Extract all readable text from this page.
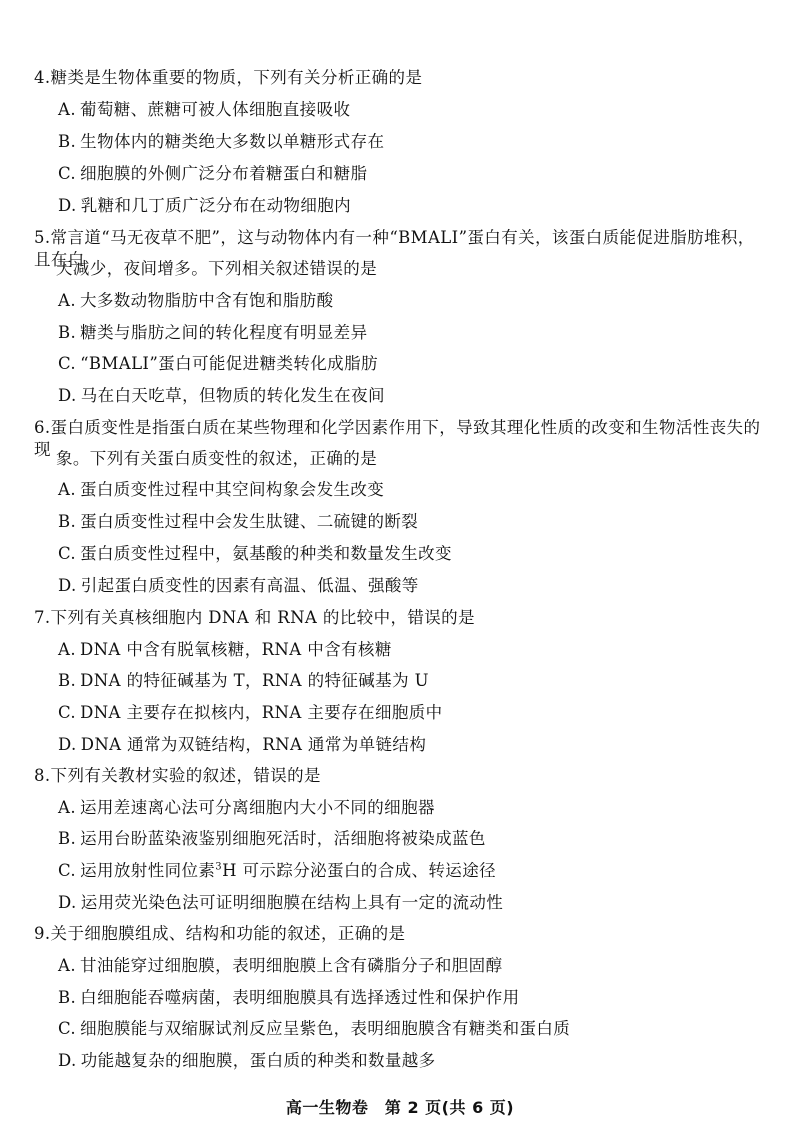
4.糖类是生物体重要的物质，下列有关分析正确的是
A. 葡萄糖、蔗糖可被人体细胞直接吸收
B. 生物体内的糖类绝大多数以单糖形式存在
C. 细胞膜的外侧广泛分布着糖蛋白和糖脂
D. 乳糖和几丁质广泛分布在动物细胞内
5.常言道“马无夜草不肥”，这与动物体内有一种“BMALI”蛋白有关，该蛋白质能促进脂肪堆积，且在白
天减少，夜间增多。下列相关叙述错误的是
A. 大多数动物脂肪中含有饱和脂肪酸
B. 糖类与脂肪之间的转化程度有明显差异
C. “BMALI”蛋白可能促进糖类转化成脂肪
D. 马在白天吃草，但物质的转化发生在夜间
6.蛋白质变性是指蛋白质在某些物理和化学因素作用下，导致其理化性质的改变和生物活性丧失的现 象。下列有关蛋白质变性的叙述，正确的是
A. 蛋白质变性过程中其空间构象会发生改变
B. 蛋白质变性过程中会发生肽键、二硫键的断裂
C. 蛋白质变性过程中，氨基酸的种类和数量发生改变
D. 引起蛋白质变性的因素有高温、低温、强酸等
7.下列有关真核细胞内 DNA 和 RNA 的比较中，错误的是
A. DNA 中含有脱氧核糖，RNA 中含有核糖
B. DNA 的特征碱基为 T，RNA 的特征碱基为 U
C. DNA 主要存在拟核内，RNA 主要存在细胞质中
D. DNA 通常为双链结构，RNA 通常为单链结构
8.下列有关教材实验的叙述，错误的是
A. 运用差速离心法可分离细胞内大小不同的细胞器
B. 运用台盼蓝染液鉴别细胞死活时，活细胞将被染成蓝色
C. 运用放射性同位素$^3$H 可示踪分泌蛋白的合成、转运途径
D. 运用荧光染色法可证明细胞膜在结构上具有一定的流动性
9.关于细胞膜组成、结构和功能的叙述，正确的是
A. 甘油能穿过细胞膜，表明细胞膜上含有磷脂分子和胆固醇
B. 白细胞能吞噬病菌，表明细胞膜具有选择透过性和保护作用
C. 细胞膜能与双缩脲试剂反应呈紫色，表明细胞膜含有糖类和蛋白质
D. 功能越复杂的细胞膜，蛋白质的种类和数量越多
高一生物卷　第 2 页(共 6 页)
